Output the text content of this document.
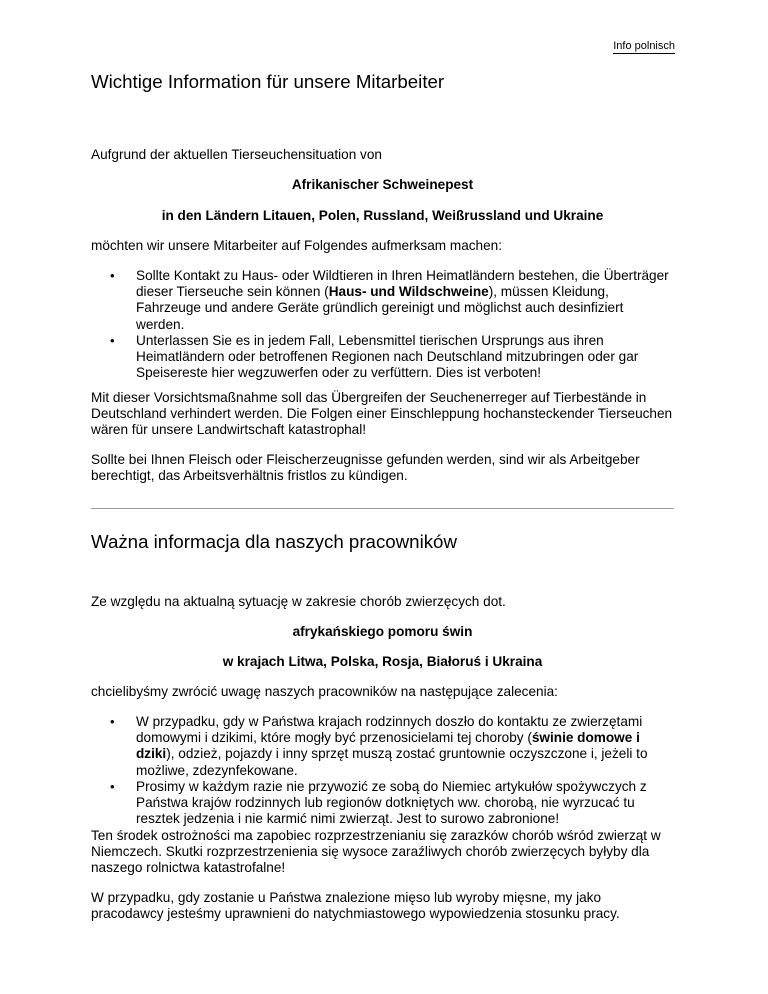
Info polnisch
Wichtige Information für unsere Mitarbeiter

Aufgrund der aktuellen Tierseuchensituation von

Afrikanischer Schweinepest

in den Ländern Litauen, Polen, Russland, Weißrussland und Ukraine

möchten wir unsere Mitarbeiter auf Folgendes aufmerksam machen:

• Sollte Kontakt zu Haus- oder Wildtieren in Ihren Heimatländern bestehen, die Überträger dieser Tierseuche sein können (Haus- und Wildschweine), müssen Kleidung, Fahrzeuge und andere Geräte gründlich gereinigt und möglichst auch desinfiziert werden.
• Unterlassen Sie es in jedem Fall, Lebensmittel tierischen Ursprungs aus ihren Heimatländern oder betroffenen Regionen nach Deutschland mitzubringen oder gar Speisereste hier wegzuwerfen oder zu verfüttern. Dies ist verboten!

Mit dieser Vorsichtsmaßnahme soll das Übergreifen der Seuchenerreger auf Tierbestände in Deutschland verhindert werden. Die Folgen einer Einschleppung hochansteckender Tierseuchen wären für unsere Landwirtschaft katastrophal!

Sollte bei Ihnen Fleisch oder Fleischerzeugnisse gefunden werden, sind wir als Arbeitgeber berechtigt, das Arbeitsverhältnis fristlos zu kündigen.

Ważna informacja dla naszych pracowników

Ze względu na aktualną sytuację w zakresie chorób zwierzęcych dot.

afrykańskiego pomoru świn

w krajach Litwa, Polska, Rosja, Białoruś i Ukraina

chcielibyśmy zwrócić uwagę naszych pracowników na następujące zalecenia:

• W przypadku, gdy w Państwa krajach rodzinnych doszło do kontaktu ze zwierzętami domowymi i dzikimi, które mogły być przenosicielami tej choroby (świnie domowe i dziki), odzież, pojazdy i inny sprzęt muszą zostać gruntownie oczyszczone i, jeżeli to możliwe, zdezynfekowane.
• Prosimy w każdym razie nie przywozić ze sobą do Niemiec artykułów spożywczych z Państwa krajów rodzinnych lub regionów dotkniętych ww. chorobą, nie wyrzucać tu resztek jedzenia i nie karmić nimi zwierząt. Jest to surowo zabronione!

Ten środek ostrożności ma zapobiec rozprzestrzenianiu się zarazków chorób wśród zwierząt w Niemczech. Skutki rozprzestrzenienia się wysoce zaraźliwych chorób zwierzęcych byłyby dla naszego rolnictwa katastrofalne!

W przypadku, gdy zostanie u Państwa znalezione mięso lub wyroby mięsne, my jako pracodawcy jesteśmy uprawnieni do natychmiastowego wypowiedzenia stosunku pracy.
